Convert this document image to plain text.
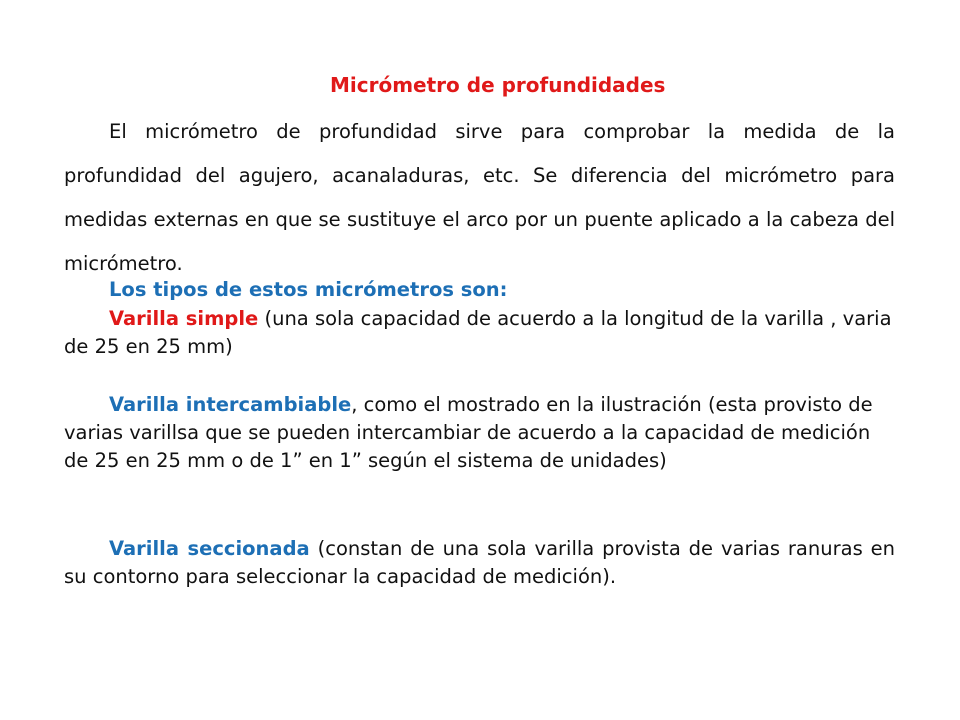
Micrómetro de profundidades

El micrómetro de profundidad sirve para comprobar la medida de la profundidad del agujero, acanaladuras, etc. Se diferencia del micrómetro para medidas externas en que se sustituye el arco por un puente aplicado a la cabeza del micrómetro.

Los tipos de estos micrómetros son:

Varilla simple (una sola capacidad de acuerdo a la longitud de la varilla , varia de 25 en 25 mm)

Varilla intercambiable, como el mostrado en la ilustración (esta provisto de varias varillsa que se pueden intercambiar de acuerdo a la capacidad de medición de 25 en 25 mm o de 1” en 1” según el sistema de unidades)

Varilla seccionada (constan de una sola varilla provista de varias ranuras en su contorno para seleccionar la capacidad de medición).
